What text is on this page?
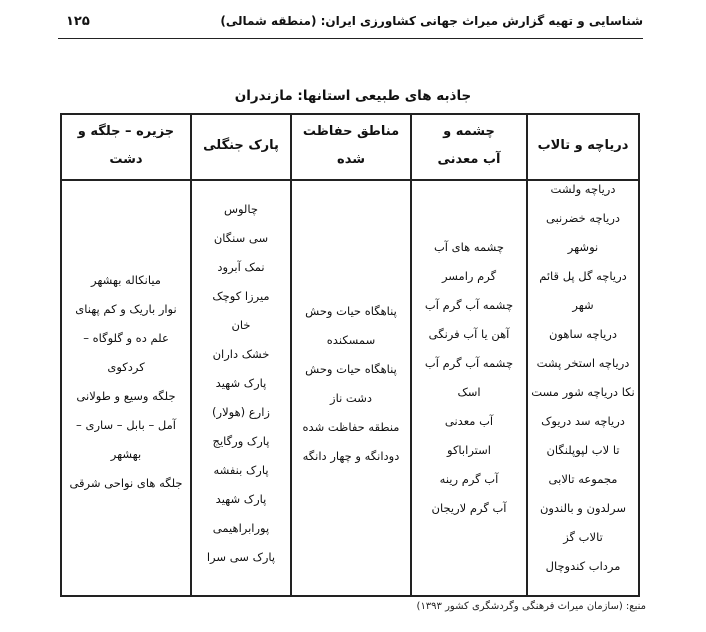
شناسایی و تهیه گزارش میراث جهانی کشاورزی ایران: (منطقه شمالی)
۱۲۵
جاذبه های طبیعی استانها: مازندران
دریاچه و تالاب
چشمه و آب معدنی
مناطق حفاظت شده
پارک جنگلی
جزیره – جلگه و دشت
دریاچه ولشت
دریاچه خضرنبی
نوشهر
دریاچه گل پل قائم
شهر
دریاچه ساهون
دریاچه استخر پشت
نکا دریاچه شور مست
دریاچه سد دریوک
تا لاب لپوپلنگان
مجموعه تالابی
سرلدون و بالندون
تالاب گز
مرداب کندوچال
چشمه های آب
گرم رامسر
چشمه آب گرم آب
آهن یا آب فرنگی
چشمه آب گرم آب
اسک
آب معدنی
استراباکو
آب گرم رینه
آب گرم لاریجان
پناهگاه حیات وحش
سمسکنده
پناهگاه حیات وحش
دشت ناز
منطقه حفاظت شده
دودانگه و چهار دانگه
چالوس
سی سنگان
نمک آبرود
میرزا کوچک
خان
خشک داران
پارک شهید
زارع (هولار)
پارک ورگایج
پارک بنفشه
پارک شهید
پورابراهیمی
پارک سی سرا
میانکاله بهشهر
نوار باریک و کم پهنای
علم ده و گلوگاه –
کردکوی
جلگه وسیع و طولانی
آمل – بابل – ساری –
بهشهر
جلگه های نواحی شرقی
منبع: (سازمان میراث فرهنگی وگردشگری کشور ۱۳۹۳)
